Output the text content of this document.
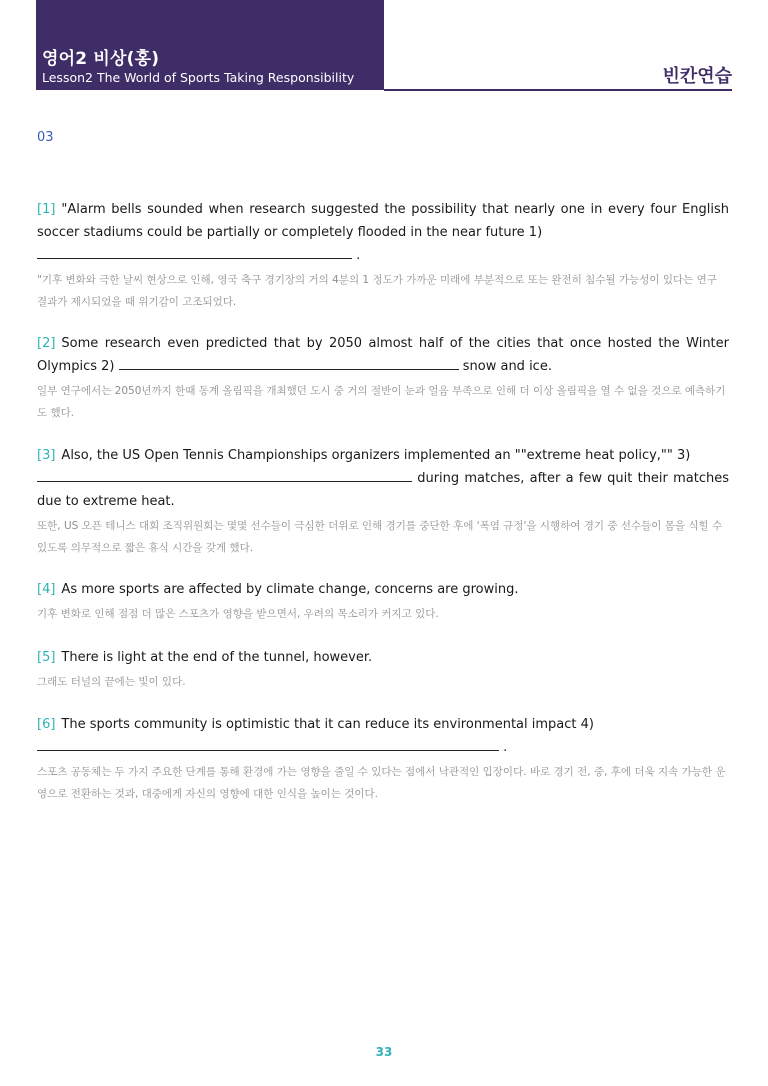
영어2 비상(홍)
Lesson2 The World of Sports Taking Responsibility	빈칸연습
03
[1] "Alarm bells sounded when research suggested the possibility that nearly one in every four English soccer stadiums could be partially or completely flooded in the near future 1)
.
"기후 변화와 극한 날씨 현상으로 인해, 영국 축구 경기장의 거의 4분의 1 정도가 가까운 미래에 부분적으로 또는 완전히 침수될 가능성이 있다는 연구 결과가 제시되었을 때 위기감이 고조되었다.
[2] Some research even predicted that by 2050 almost half of the cities that once hosted the Winter Olympics 2)	snow and ice.
일부 연구에서는 2050년까지 한때 동계 올림픽을 개최했던 도시 중 거의 절반이 눈과 얼음 부족으로 인해 더 이상 올림픽을 열 수 없을 것으로 예측하기도 했다.
[3] Also, the US Open Tennis Championships organizers implemented an ""extreme heat policy,"" 3)
during matches, after a few quit their matches due to extreme heat.
또한, US 오픈 테니스 대회 조직위원회는 몇몇 선수들이 극심한 더위로 인해 경기를 중단한 후에 '폭염 규정'을 시행하여 경기 중 선수들이 몸을 식힐 수 있도록 의무적으로 짧은 휴식 시간을 갖게 했다.
[4] As more sports are affected by climate change, concerns are growing.
기후 변화로 인해 점점 더 많은 스포츠가 영향을 받으면서, 우려의 목소리가 커지고 있다.
[5] There is light at the end of the tunnel, however.
그래도 터널의 끝에는 빛이 있다.
[6] The sports community is optimistic that it can reduce its environmental impact 4)
.
스포츠 공동체는 두 가지 주요한 단계를 통해 환경에 가는 영향을 줄일 수 있다는 점에서 낙관적인 입장이다. 바로 경기 전, 중, 후에 더욱 지속 가능한 운영으로 전환하는 것과, 대중에게 자신의 영향에 대한 인식을 높이는 것이다.
33
